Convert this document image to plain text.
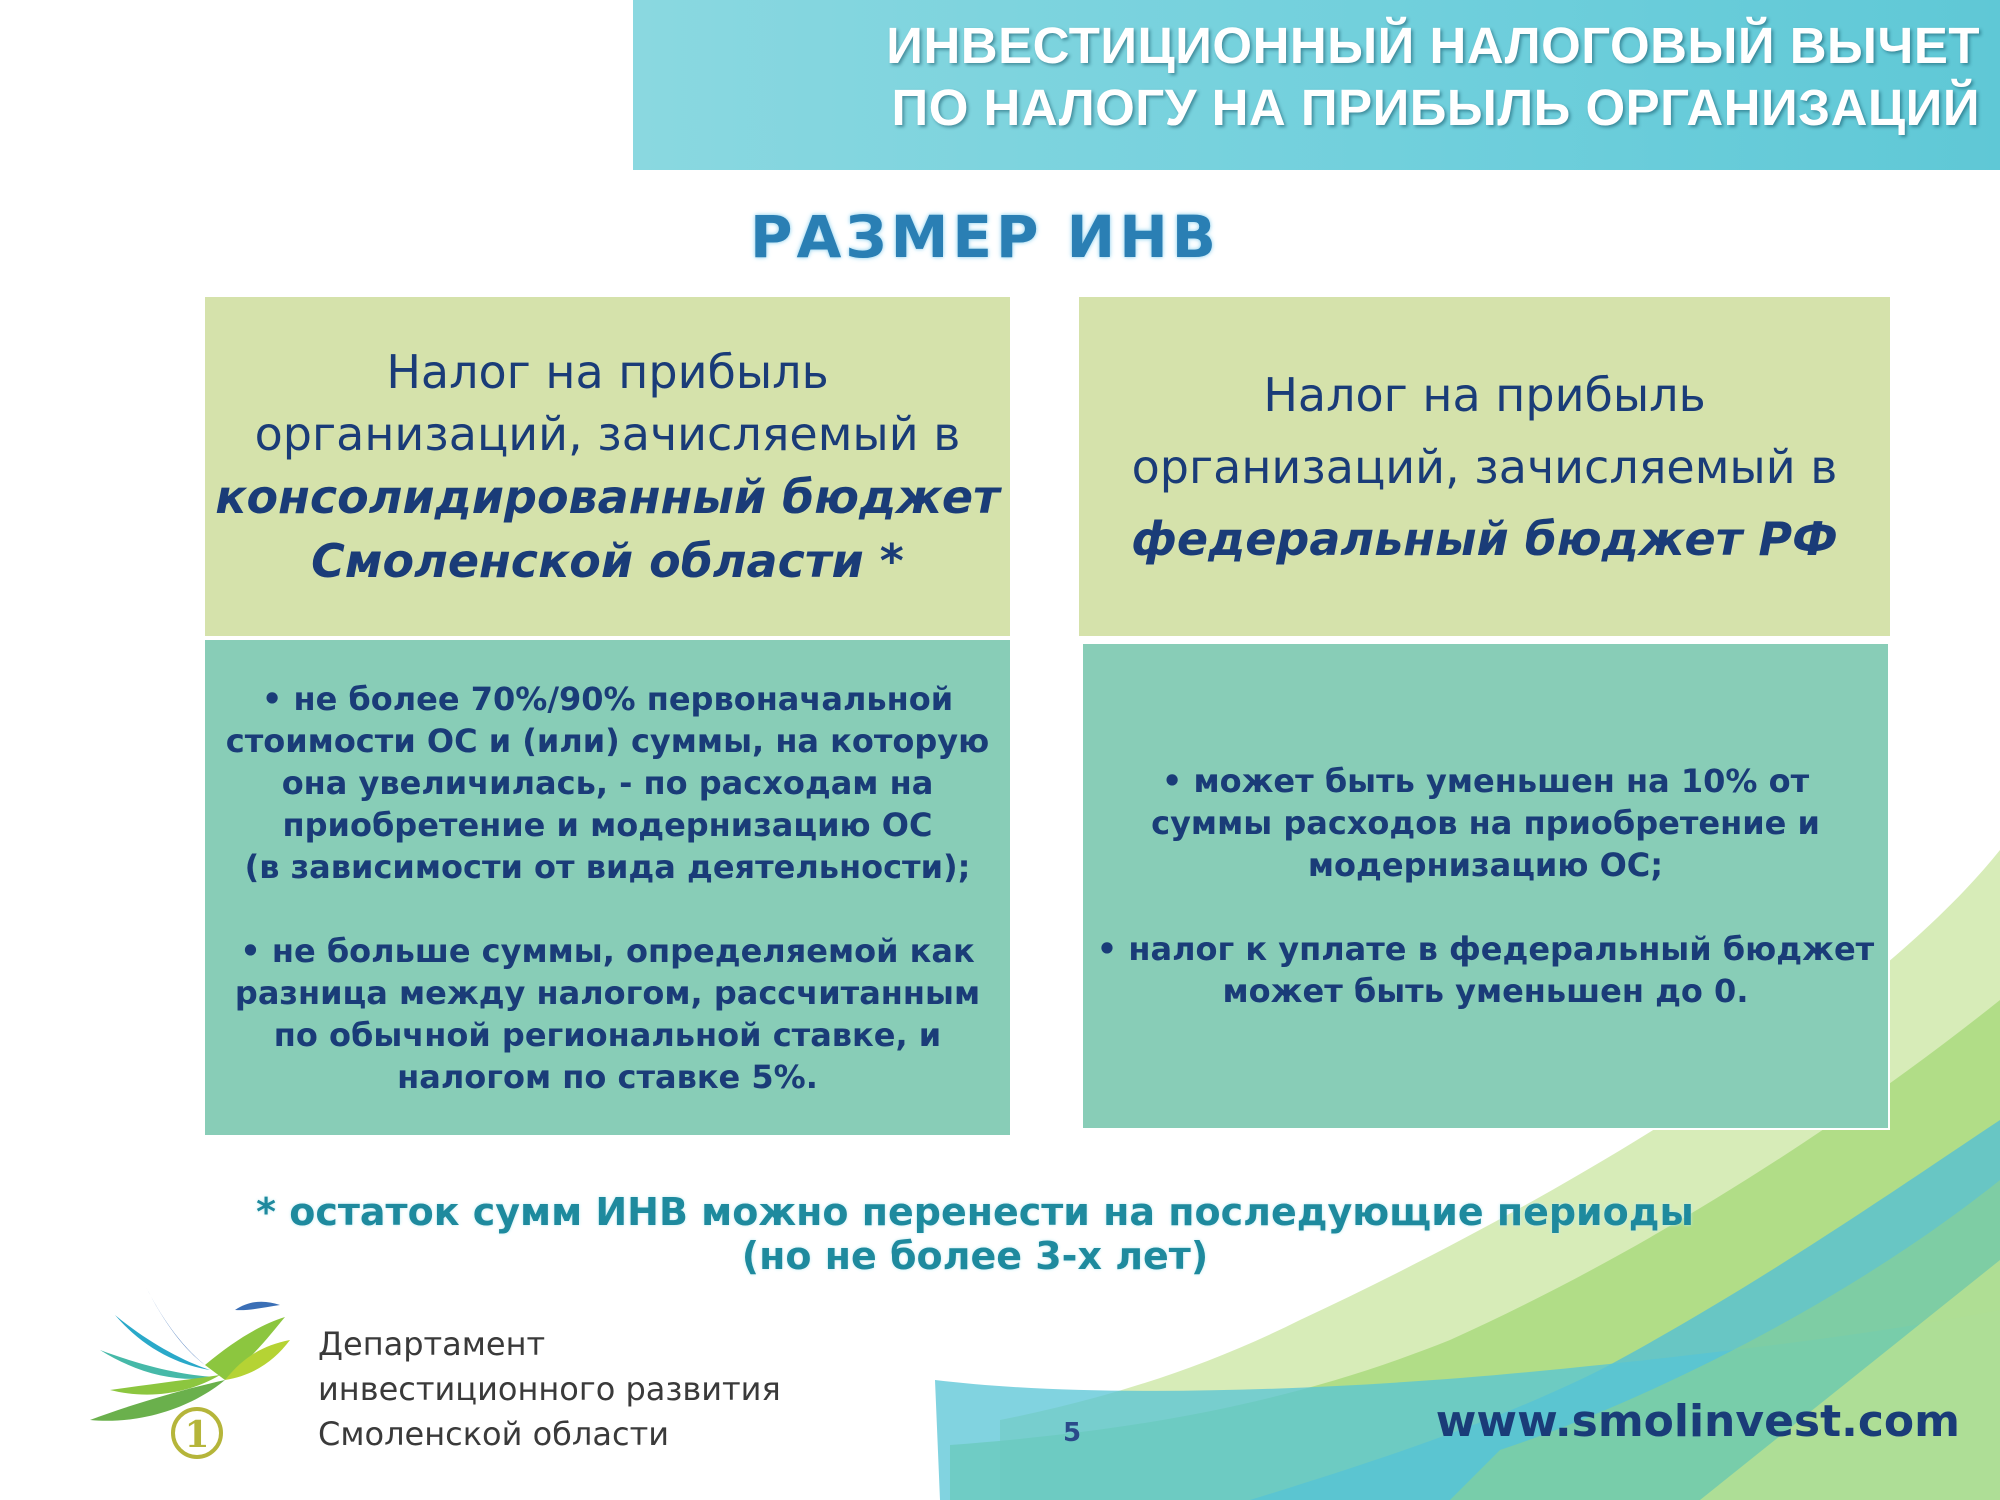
ИНВЕСТИЦИОННЫЙ НАЛОГОВЫЙ ВЫЧЕТ
ПО НАЛОГУ НА ПРИБЫЛЬ ОРГАНИЗАЦИЙ
РАЗМЕР ИНВ
Налог на прибыль
организаций, зачисляемый в
консолидированный бюджет
Смоленской области *
• не более 70%/90% первоначальной
стоимости ОС и (или) суммы, на которую
она увеличилась, - по расходам на
приобретение и модернизацию ОС
(в зависимости от вида деятельности);
• не больше суммы, определяемой как
разница между налогом, рассчитанным
по обычной региональной ставке, и
налогом по ставке 5%.
Налог на прибыль
организаций, зачисляемый в
федеральный бюджет РФ
• может быть уменьшен на 10% от
суммы расходов на приобретение и
модернизацию ОС;
• налог к уплате в федеральный бюджет
может быть уменьшен до 0.
* остаток сумм ИНВ можно перенести на последующие периоды
(но не более 3-х лет)
1
Департамент
инвестиционного развития
Смоленской области	5	www.smolinvest.com
